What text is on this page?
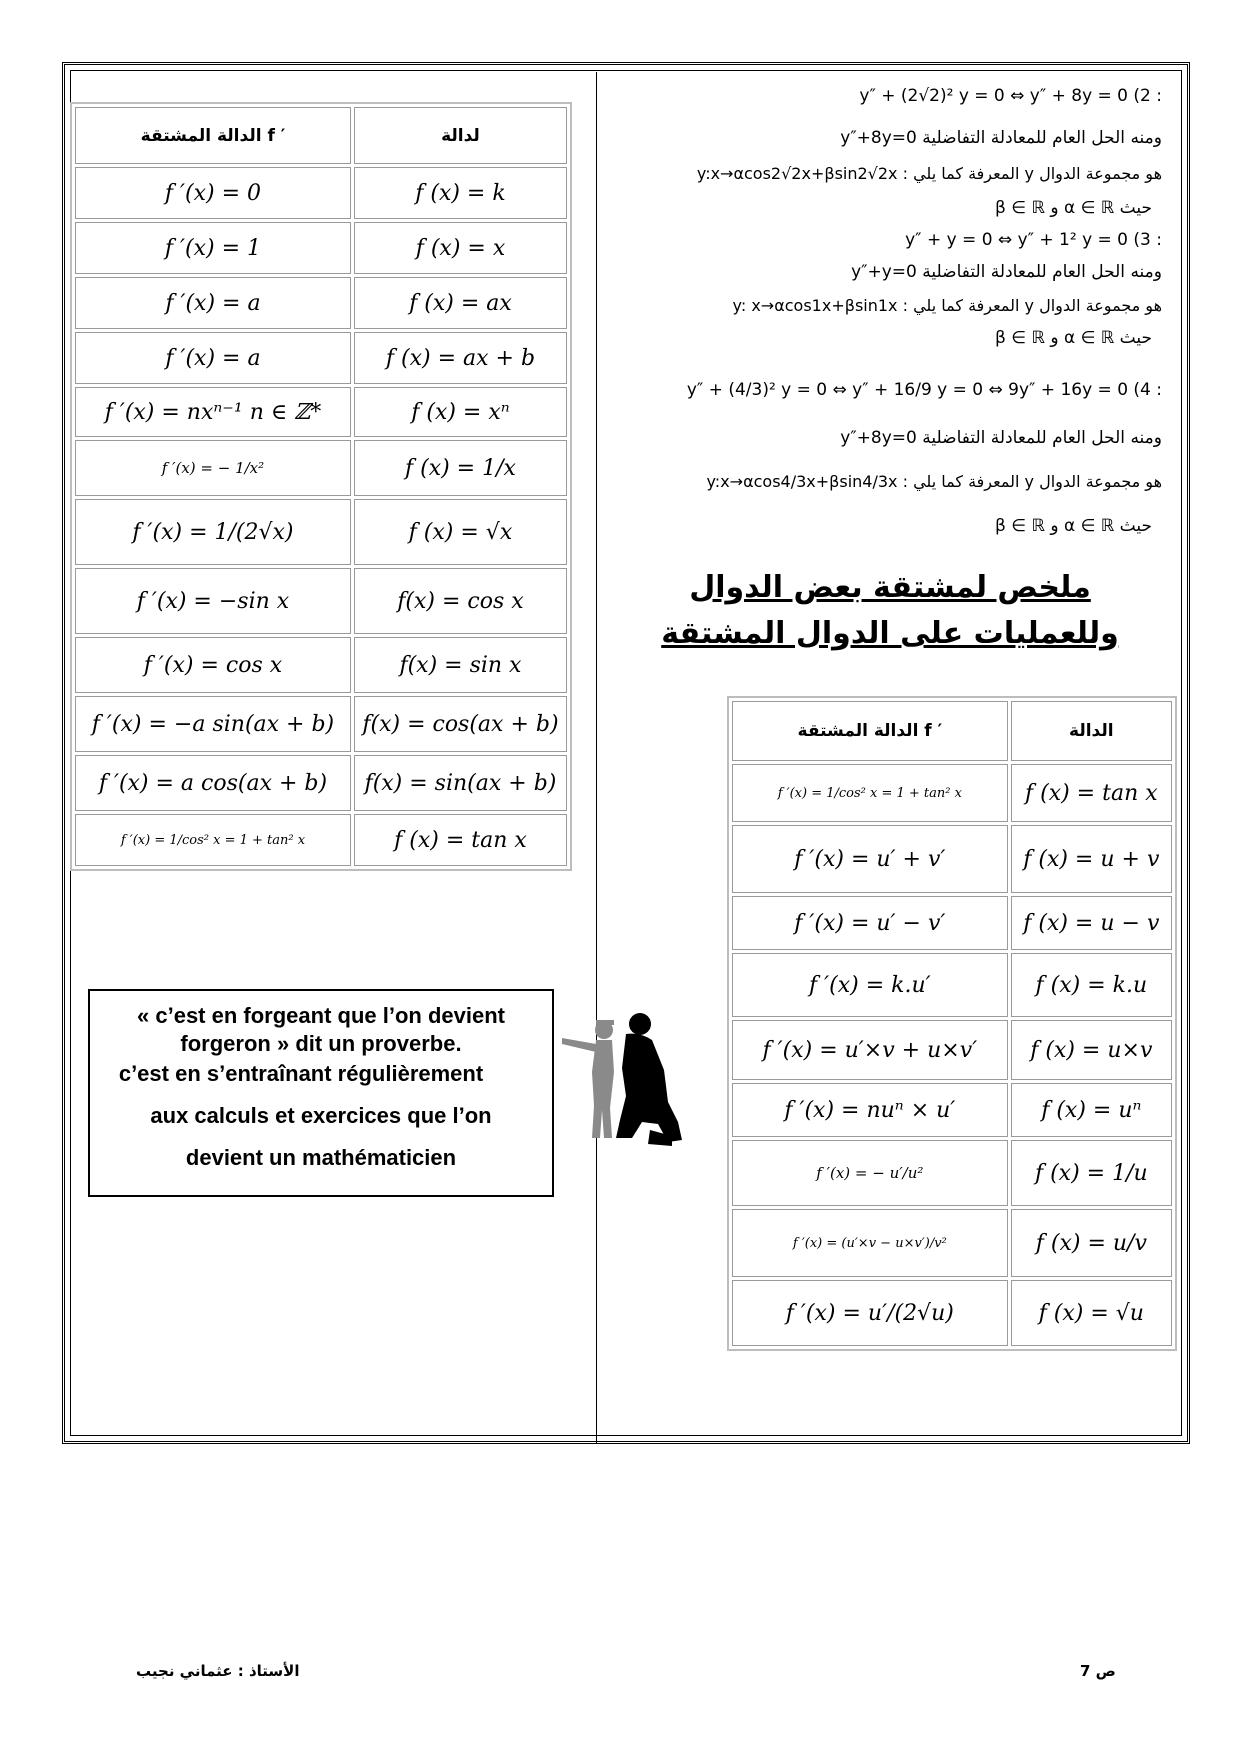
الدالة المشتقة f ′	لدالة
f ′(x) = 0	f (x) = k
f ′(x) = 1	f (x) = x
f ′(x) = a	f (x) = ax
f ′(x) = a	f (x) = ax + b
f ′(x) = nxⁿ⁻¹ n ∈ ℤ*	f (x) = xⁿ
f ′(x) = − 1/x²	f (x) = 1/x
f ′(x) = 1/(2√x)	f (x) = √x
f ′(x) = −sin x	f(x) = cos x
f ′(x) = cos x	f(x) = sin x
f ′(x) = −a sin(ax + b)	f(x) = cos(ax + b)
f ′(x) = a cos(ax + b)	f(x) = sin(ax + b)
f ′(x) = 1/cos² x = 1 + tan² x	f (x) = tan x
: y″ + (2√2)² y = 0 ⇔ y″ + 8y = 0 (2
ومنه الحل العام للمعادلة التفاضلية y″+8y=0
هو مجموعة الدوال y المعرفة كما يلي : y:x→αcos2√2x+βsin2√2x
حيث α ∈ ℝ و β ∈ ℝ
: y″ + y = 0 ⇔ y″ + 1² y = 0 (3
ومنه الحل العام للمعادلة التفاضلية y″+y=0
هو مجموعة الدوال y المعرفة كما يلي : y: x→αcos1x+βsin1x
حيث α ∈ ℝ و β ∈ ℝ
: y″ + (4/3)² y = 0 ⇔ y″ + 16/9 y = 0 ⇔ 9y″ + 16y = 0 (4
ومنه الحل العام للمعادلة التفاضلية y″+8y=0
هو مجموعة الدوال y المعرفة كما يلي : y:x→αcos4/3x+βsin4/3x
حيث α ∈ ℝ و β ∈ ℝ
ملخص لمشتقة بعض الدوال
وللعمليات على الدوال المشتقة
الدالة المشتقة f ′	الدالة
f ′(x) = 1/cos² x = 1 + tan² x	f (x) = tan x
f ′(x) = u′ + v′	f (x) = u + v
f ′(x) = u′ − v′	f (x) = u − v
f ′(x) = k.u′	f (x) = k.u
f ′(x) = u′×v + u×v′	f (x) = u×v
f ′(x) = nuⁿ × u′	f (x) = uⁿ
f ′(x) = − u′/u²	f (x) = 1/u
f ′(x) = (u′×v − u×v′)/v²	f (x) = u/v
f ′(x) = u′/(2√u)	f (x) = √u
« c’est en forgeant que l’on devient
forgeron » dit un proverbe.
c’est en s’entraînant régulièrement
aux calculs et exercices que l’on
devient un mathématicien
الأستاذ : عثماني نجيب	ص 7
